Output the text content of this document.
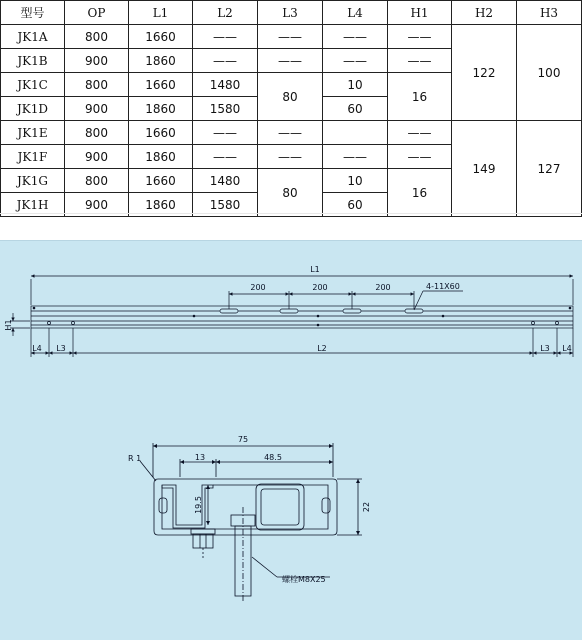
型号	OP	L1	L2	L3	L4	H1	H2	H3
JK1A	800	1660	——	——	——	——	122	100
JK1B	900	1860	——	——	——	——		
JK1C	800	1660	1480	80	10	16		
JK1D	900	1860	1580		60			
JK1E	800	1660	——	——		——	149	127
JK1F	900	1860	——	——	——	——		
JK1G	800	1660	1480	80	10	16		
JK1H	900	1860	1580		60			
L1
200	200	200	4-11X60
H1
L4 L3	L2	L3 L4
75
13	48.5
19.5	22
R 1
螺栓M8X25
